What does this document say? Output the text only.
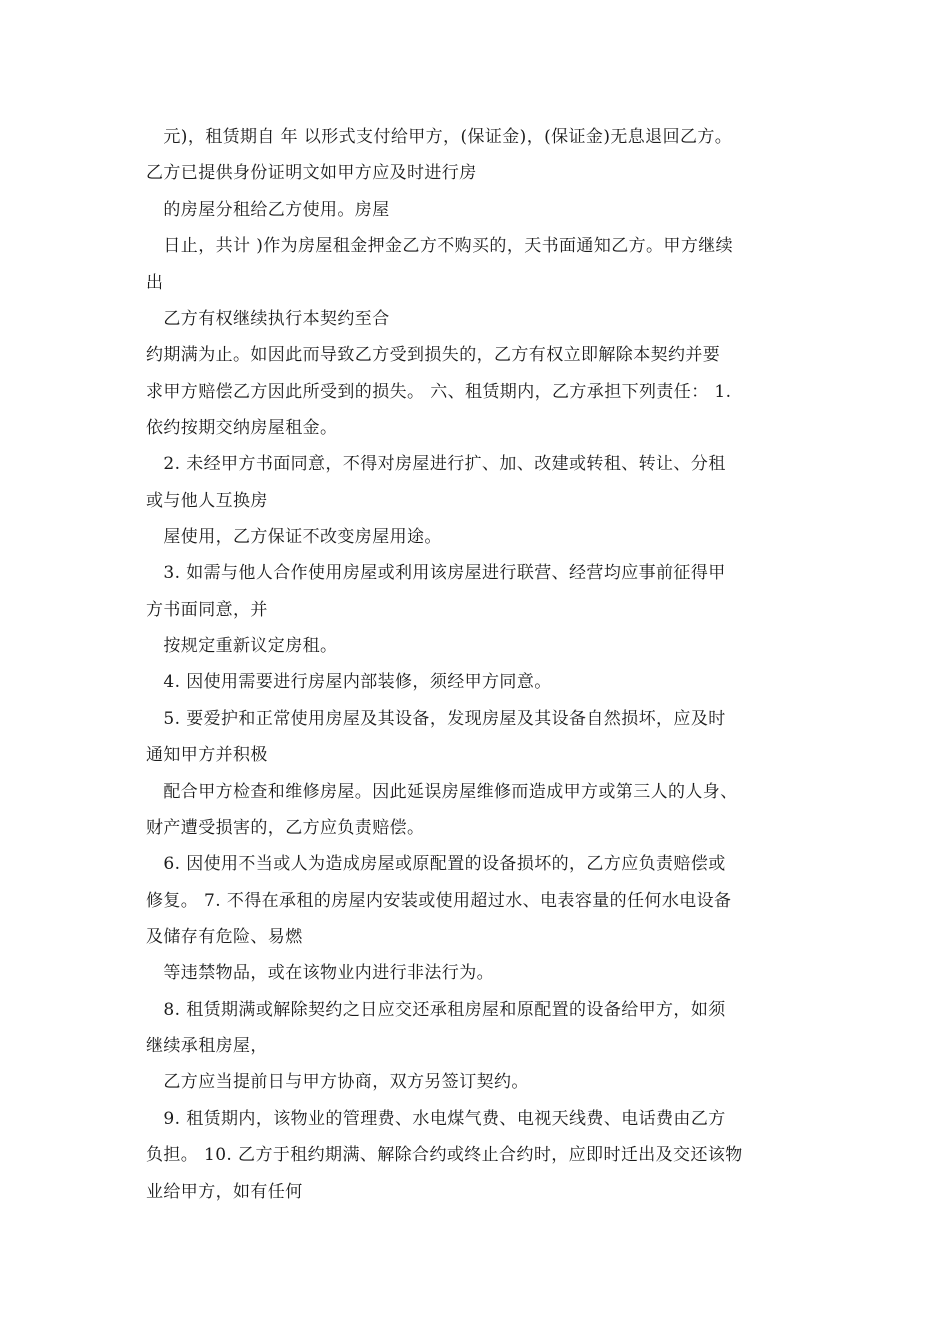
　元)，租赁期自 年 以形式支付给甲方，(保证金)，(保证金)无息退回乙方。
乙方已提供身份证明文如甲方应及时进行房
　的房屋分租给乙方使用。房屋
　日止，共计 )作为房屋租金押金乙方不购买的，天书面通知乙方。甲方继续
出
　乙方有权继续执行本契约至合
约期满为止。如因此而导致乙方受到损失的，乙方有权立即解除本契约并要
求甲方赔偿乙方因此所受到的损失。 六、租赁期内，乙方承担下列责任： 1.
依约按期交纳房屋租金。
　2. 未经甲方书面同意，不得对房屋进行扩、加、改建或转租、转让、分租
或与他人互换房
　屋使用，乙方保证不改变房屋用途。
　3. 如需与他人合作使用房屋或利用该房屋进行联营、经营均应事前征得甲
方书面同意，并
　按规定重新议定房租。
　4. 因使用需要进行房屋内部装修，须经甲方同意。
　5. 要爱护和正常使用房屋及其设备，发现房屋及其设备自然损坏，应及时
通知甲方并积极
　配合甲方检查和维修房屋。因此延误房屋维修而造成甲方或第三人的人身、
财产遭受损害的，乙方应负责赔偿。
　6. 因使用不当或人为造成房屋或原配置的设备损坏的，乙方应负责赔偿或
修复。 7. 不得在承租的房屋内安装或使用超过水、电表容量的任何水电设备
及储存有危险、易燃
　等违禁物品，或在该物业内进行非法行为。
　8. 租赁期满或解除契约之日应交还承租房屋和原配置的设备给甲方，如须
继续承租房屋，
　乙方应当提前日与甲方协商，双方另签订契约。
　9. 租赁期内，该物业的管理费、水电煤气费、电视天线费、电话费由乙方
负担。 10. 乙方于租约期满、解除合约或终止合约时，应即时迁出及交还该物
业给甲方，如有任何
